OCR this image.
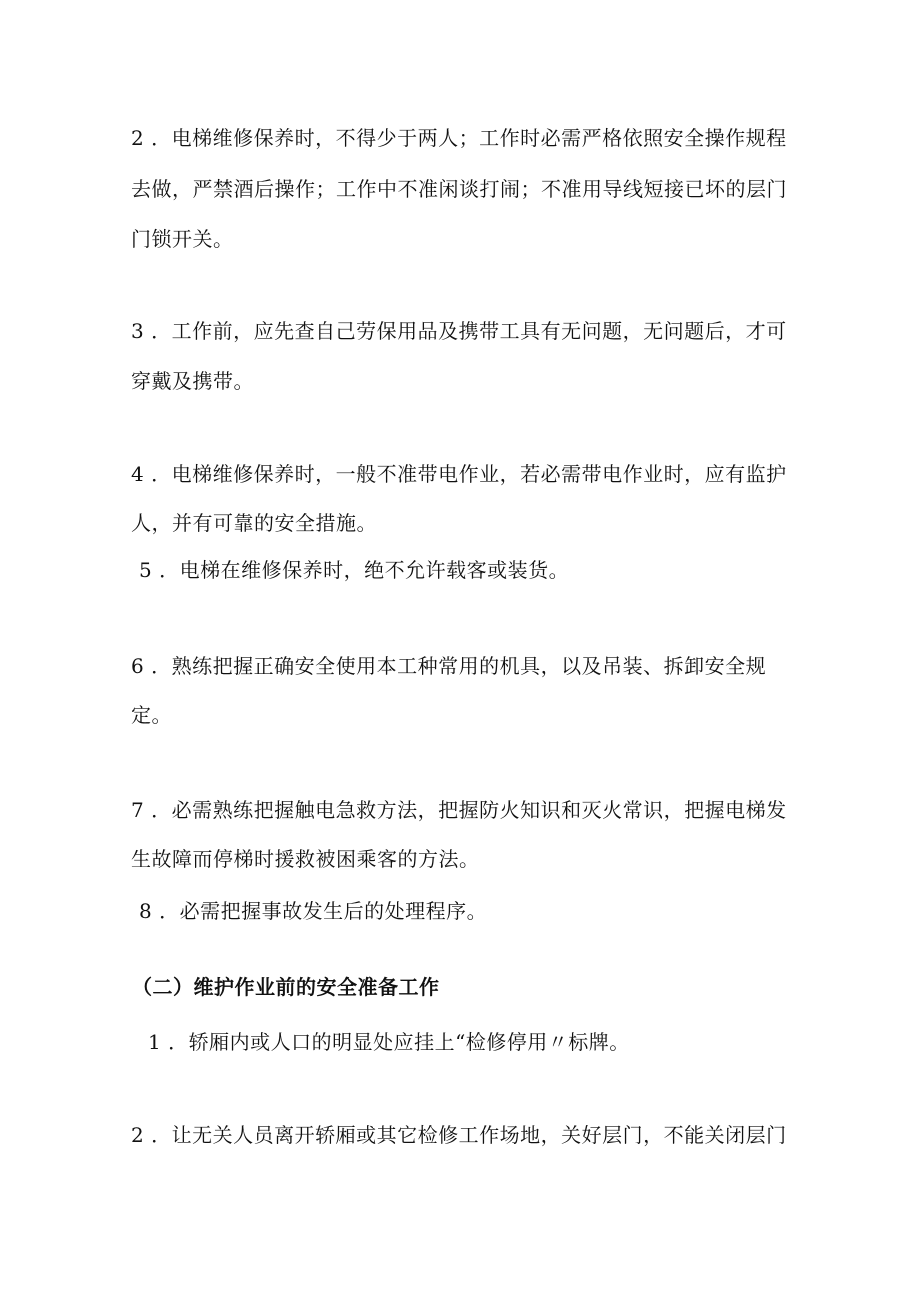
2 ．电梯维修保养时，不得少于两人；工作时必需严格依照安全操作规程
去做，严禁酒后操作；工作中不准闲谈打闹；不准用导线短接已坏的层门
门锁开关。
3 ．工作前，应先查自己劳保用品及携带工具有无问题，无问题后，才可
穿戴及携带。
4 ．电梯维修保养时，一般不准带电作业，若必需带电作业时，应有监护
人，并有可靠的安全措施。
5 ．电梯在维修保养时，绝不允许载客或装货。
6 ．熟练把握正确安全使用本工种常用的机具，以及吊装、拆卸安全规
定。
7 ．必需熟练把握触电急救方法，把握防火知识和灭火常识，把握电梯发
生故障而停梯时援救被困乘客的方法。
8 ．必需把握事故发生后的处理程序。
（二）维护作业前的安全准备工作
1 ．轿厢内或人口的明显处应挂上“检修停用〃标牌。
2 ．让无关人员离开轿厢或其它检修工作场地，关好层门，不能关闭层门
